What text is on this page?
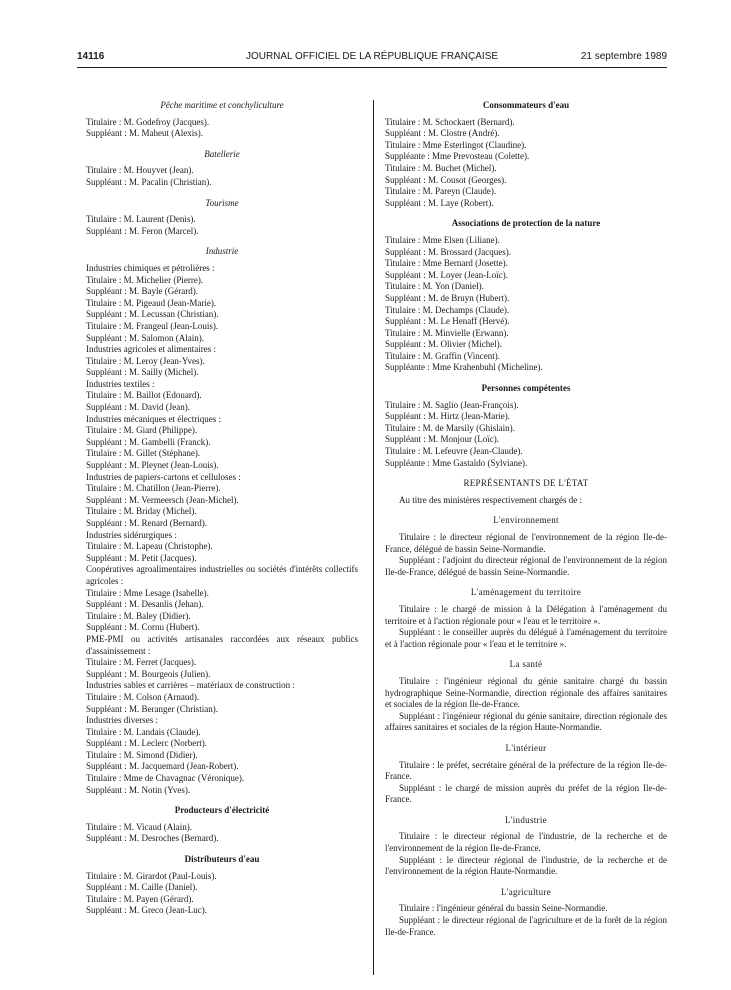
14116	JOURNAL OFFICIEL DE LA RÉPUBLIQUE FRANÇAISE	21 septembre 1989
Pêche maritime et conchyliculture
Titulaire : M. Godefroy (Jacques).
Suppléant : M. Maheut (Alexis).
Batellerie
Titulaire : M. Houyvet (Jean).
Suppléant : M. Pacalin (Christian).
Tourisme
Titulaire : M. Laurent (Denis).
Suppléant : M. Feron (Marcel).
Industrie
Industries chimiques et pétrolières :
Titulaire : M. Michelier (Pierre).
Suppléant : M. Bayle (Gérard).
Titulaire : M. Pigeaud (Jean-Marie).
Suppléant : M. Lecussan (Christian).
Titulaire : M. Frangeul (Jean-Louis).
Suppléant : M. Salomon (Alain).
Industries agricoles et alimentaires :
Titulaire : M. Leroy (Jean-Yves).
Suppléant : M. Sailly (Michel).
Industries textiles :
Titulaire : M. Baillot (Edouard).
Suppléant : M. David (Jean).
Industries mécaniques et électriques :
Titulaire : M. Giard (Philippe).
Suppléant : M. Gambelli (Franck).
Titulaire : M. Gillet (Stéphane).
Suppléant : M. Pleynet (Jean-Louis).
Industries de papiers-cartons et celluloses :
Titulaire : M. Chatillon (Jean-Pierre).
Suppléant : M. Vermeersch (Jean-Michel).
Titulaire : M. Briday (Michel).
Suppléant : M. Renard (Bernard).
Industries sidérurgiques :
Titulaire : M. Lapeau (Christophe).
Suppléant : M. Petit (Jacques).
Coopératives agroalimentaires industrielles ou sociétés d'intérêts collectifs agricoles :
Titulaire : Mme Lesage (Isabelle).
Suppléant : M. Desanlis (Jehan).
Titulaire : M. Baley (Didier).
Suppléant : M. Cornu (Hubert).
PME-PMI ou activités artisanales raccordées aux réseaux publics d'assainissement :
Titulaire : M. Ferret (Jacques).
Suppléant : M. Bourgeois (Julien).
Industries sables et carrières – matériaux de construction :
Titulaire : M. Colson (Arnaud).
Suppléant : M. Beranger (Christian).
Industries diverses :
Titulaire : M. Landais (Claude).
Suppléant : M. Leclerc (Norbert).
Titulaire : M. Simond (Didier).
Suppléant : M. Jacquemard (Jean-Robert).
Titulaire : Mme de Chavagnac (Véronique).
Suppléant : M. Notin (Yves).
Producteurs d'électricité
Titulaire : M. Vicaud (Alain).
Suppléant : M. Desroches (Bernard).
Distributeurs d'eau
Titulaire : M. Girardot (Paul-Louis).
Suppléant : M. Caille (Daniel).
Titulaire : M. Payen (Gérard).
Suppléant : M. Greco (Jean-Luc).
Consommateurs d'eau
Titulaire : M. Schockaert (Bernard).
Suppléant : M. Clostre (André).
Titulaire : Mme Esterlingot (Claudine).
Suppléante : Mme Prevosteau (Colette).
Titulaire : M. Buchet (Michel).
Suppléant : M. Cousot (Georges).
Titulaire : M. Pareyn (Claude).
Suppléant : M. Laye (Robert).
Associations de protection de la nature
Titulaire : Mme Elsen (Liliane).
Suppléant : M. Brossard (Jacques).
Titulaire : Mme Bernard (Josette).
Suppléant : M. Loyer (Jean-Loïc).
Titulaire : M. Yon (Daniel).
Suppléant : M. de Bruyn (Hubert).
Titulaire : M. Dechamps (Claude).
Suppléant : M. Le Henaff (Hervé).
Titulaire : M. Minvielle (Erwann).
Suppléant : M. Olivier (Michel).
Titulaire : M. Graffin (Vincent).
Suppléante : Mme Krahenbuhl (Micheline).
Personnes compétentes
Titulaire : M. Saglio (Jean-François).
Suppléant : M. Hirtz (Jean-Marie).
Titulaire : M. de Marsily (Ghislain).
Suppléant : M. Monjour (Loïc).
Titulaire : M. Lefeuvre (Jean-Claude).
Suppléante : Mme Gastaldo (Sylviane).
REPRÉSENTANTS DE L'ÉTAT
Au titre des ministères respectivement chargés de :
L'environnement
Titulaire : le directeur régional de l'environnement de la région Ile-de-France, délégué de bassin Seine-Normandie.
Suppléant : l'adjoint du directeur régional de l'environnement de la région Ile-de-France, délégué de bassin Seine-Normandie.
L'aménagement du territoire
Titulaire : le chargé de mission à la Délégation à l'aménagement du territoire et à l'action régionale pour « l'eau et le territoire ».
Suppléant : le conseiller auprès du délégué à l'aménagement du territoire et à l'action régionale pour « l'eau et le territoire ».
La santé
Titulaire : l'ingénieur régional du génie sanitaire chargé du bassin hydrographique Seine-Normandie, direction régionale des affaires sanitaires et sociales de la région Ile-de-France.
Suppléant : l'ingénieur régional du génie sanitaire, direction régionale des affaires sanitaires et sociales de la région Haute-Normandie.
L'intérieur
Titulaire : le préfet, secrétaire général de la préfecture de la région Ile-de-France.
Suppléant : le chargé de mission auprès du préfet de la région Ile-de-France.
L'industrie
Titulaire : le directeur régional de l'industrie, de la recherche et de l'environnement de la région Ile-de-France.
Suppléant : le directeur régional de l'industrie, de la recherche et de l'environnement de la région Haute-Normandie.
L'agriculture
Titulaire : l'ingénieur général du bassin Seine-Normandie.
Suppléant : le directeur régional de l'agriculture et de la forêt de la région Ile-de-France.
